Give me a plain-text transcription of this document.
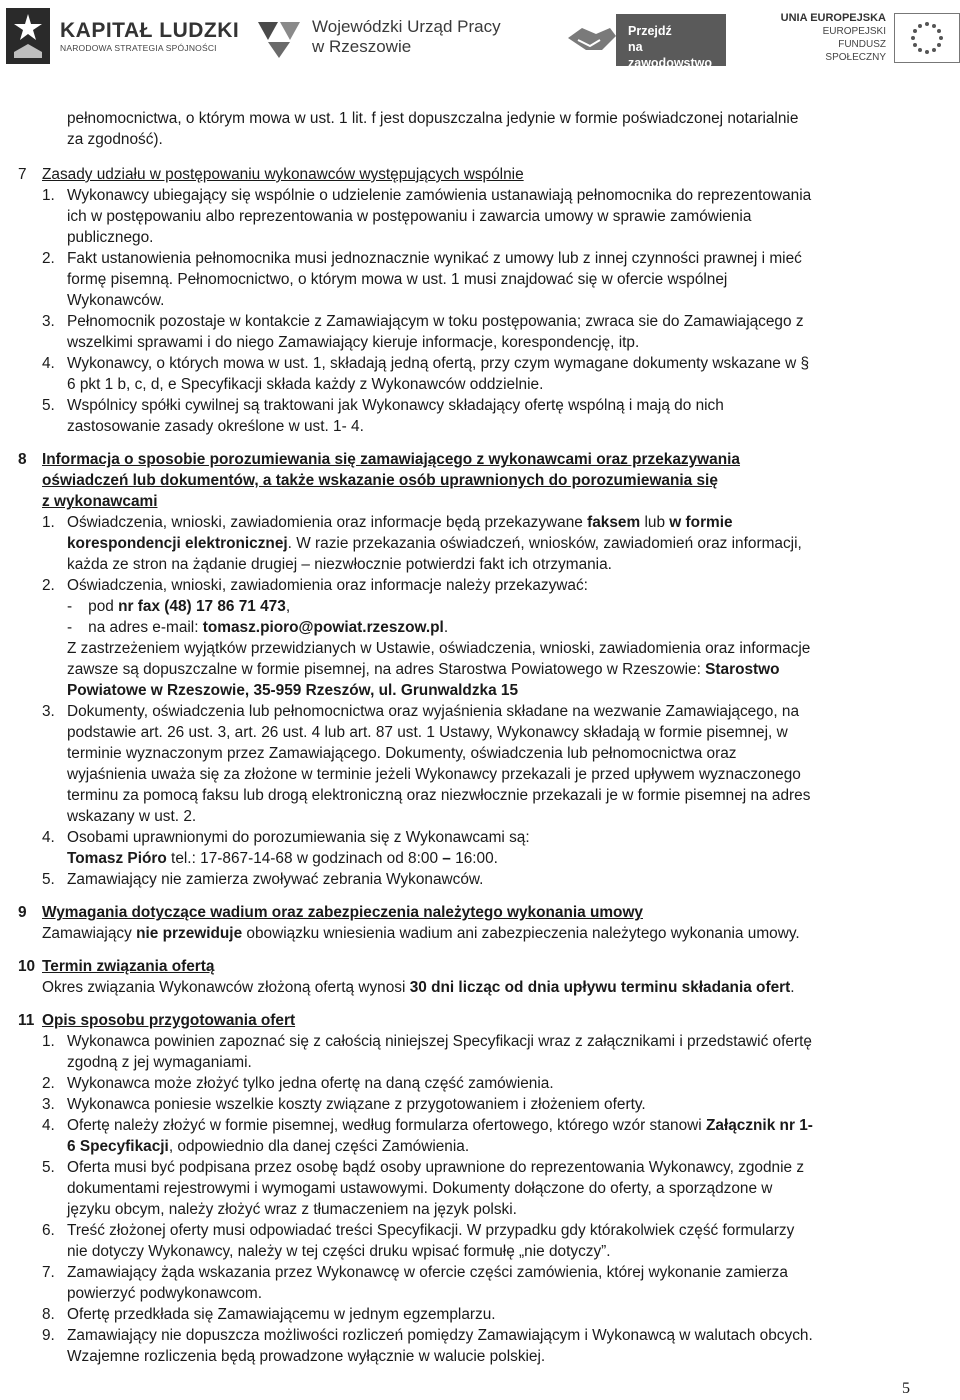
KAPITAŁ LUDZKI
NARODOWA STRATEGIA SPÓJNOŚCI
Wojewódzki Urząd Pracy
w Rzeszowie
Przejdź
na zawodowstwo
UNIA EUROPEJSKA
EUROPEJSKI
FUNDUSZ SPOŁECZNY
pełnomocnictwa, o którym mowa w ust. 1 lit. f jest dopuszczalna jedynie w formie poświadczonej notarialnie
za zgodność).
7 Zasady udziału w postępowaniu wykonawców występujących wspólnie
1. Wykonawcy ubiegający się wspólnie o udzielenie zamówienia ustanawiają pełnomocnika do reprezentowania
ich w postępowaniu albo reprezentowania w postępowaniu i zawarcia umowy w sprawie zamówienia
publicznego.
2. Fakt ustanowienia pełnomocnika musi jednoznacznie wynikać z umowy lub z innej czynności prawnej i mieć
formę pisemną. Pełnomocnictwo, o którym mowa w ust. 1 musi znajdować się w ofercie wspólnej
Wykonawców.
3. Pełnomocnik pozostaje w kontakcie z Zamawiającym w toku postępowania; zwraca sie do Zamawiającego z
wszelkimi sprawami i do niego Zamawiający kieruje informacje, korespondencję, itp.
4. Wykonawcy, o których mowa w ust. 1, składają jedną ofertą, przy czym wymagane dokumenty wskazane w §
6 pkt 1 b, c, d, e Specyfikacji składa każdy z Wykonawców oddzielnie.
5. Wspólnicy spółki cywilnej są traktowani jak Wykonawcy składający ofertę wspólną i mają do nich
zastosowanie zasady określone w ust. 1- 4.
8 Informacja o sposobie porozumiewania się zamawiającego z wykonawcami oraz przekazywania
oświadczeń lub dokumentów, a także wskazanie osób uprawnionych do porozumiewania się
z wykonawcami
1. Oświadczenia, wnioski, zawiadomienia oraz informacje będą przekazywane faksem lub w formie
korespondencji elektronicznej. W razie przekazania oświadczeń, wniosków, zawiadomień oraz informacji,
każda ze stron na żądanie drugiej – niezwłocznie potwierdzi fakt ich otrzymania.
2. Oświadczenia, wnioski, zawiadomienia oraz informacje należy przekazywać:
- pod nr fax (48) 17 86 71 473,
- na adres e-mail: tomasz.pioro@powiat.rzeszow.pl.
Z zastrzeżeniem wyjątków przewidzianych w Ustawie, oświadczenia, wnioski, zawiadomienia oraz informacje
zawsze są dopuszczalne w formie pisemnej, na adres Starostwa Powiatowego w Rzeszowie: Starostwo
Powiatowe w Rzeszowie, 35-959 Rzeszów, ul. Grunwaldzka 15
3. Dokumenty, oświadczenia lub pełnomocnictwa oraz wyjaśnienia składane na wezwanie Zamawiającego, na
podstawie art. 26 ust. 3, art. 26 ust. 4 lub art. 87 ust. 1 Ustawy, Wykonawcy składają w formie pisemnej, w
terminie wyznaczonym przez Zamawiającego. Dokumenty, oświadczenia lub pełnomocnictwa oraz
wyjaśnienia uważa się za złożone w terminie jeżeli Wykonawcy przekazali je przed upływem wyznaczonego
terminu za pomocą faksu lub drogą elektroniczną oraz niezwłocznie przekazali je w formie pisemnej na adres
wskazany w ust. 2.
4. Osobami uprawnionymi do porozumiewania się z Wykonawcami są:
Tomasz Pióro tel.: 17-867-14-68 w godzinach od 8:00 – 16:00.
5. Zamawiający nie zamierza zwoływać zebrania Wykonawców.
9 Wymagania dotyczące wadium oraz zabezpieczenia należytego wykonania umowy
Zamawiający nie przewiduje obowiązku wniesienia wadium ani zabezpieczenia należytego wykonania umowy.
10 Termin związania ofertą
Okres związania Wykonawców złożoną ofertą wynosi 30 dni licząc od dnia upływu terminu składania ofert.
11 Opis sposobu przygotowania ofert
1. Wykonawca powinien zapoznać się z całością niniejszej Specyfikacji wraz z załącznikami i przedstawić ofertę
zgodną z jej wymaganiami.
2. Wykonawca może złożyć tylko jedna ofertę na daną część zamówienia.
3. Wykonawca poniesie wszelkie koszty związane z przygotowaniem i złożeniem oferty.
4. Ofertę należy złożyć w formie pisemnej, według formularza ofertowego, którego wzór stanowi Załącznik nr 1-
6 Specyfikacji, odpowiednio dla danej części Zamówienia.
5. Oferta musi być podpisana przez osobę bądź osoby uprawnione do reprezentowania Wykonawcy, zgodnie z
dokumentami rejestrowymi i wymogami ustawowymi. Dokumenty dołączone do oferty, a sporządzone w
języku obcym, należy złożyć wraz z tłumaczeniem na język polski.
6. Treść złożonej oferty musi odpowiadać treści Specyfikacji. W przypadku gdy którakolwiek część formularzy
nie dotyczy Wykonawcy, należy w tej części druku wpisać formułę „nie dotyczy”.
7. Zamawiający żąda wskazania przez Wykonawcę w ofercie części zamówienia, której wykonanie zamierza
powierzyć podwykonawcom.
8. Ofertę przedkłada się Zamawiającemu w jednym egzemplarzu.
9. Zamawiający nie dopuszcza możliwości rozliczeń pomiędzy Zamawiającym i Wykonawcą w walutach obcych.
Wzajemne rozliczenia będą prowadzone wyłącznie w walucie polskiej.
5
